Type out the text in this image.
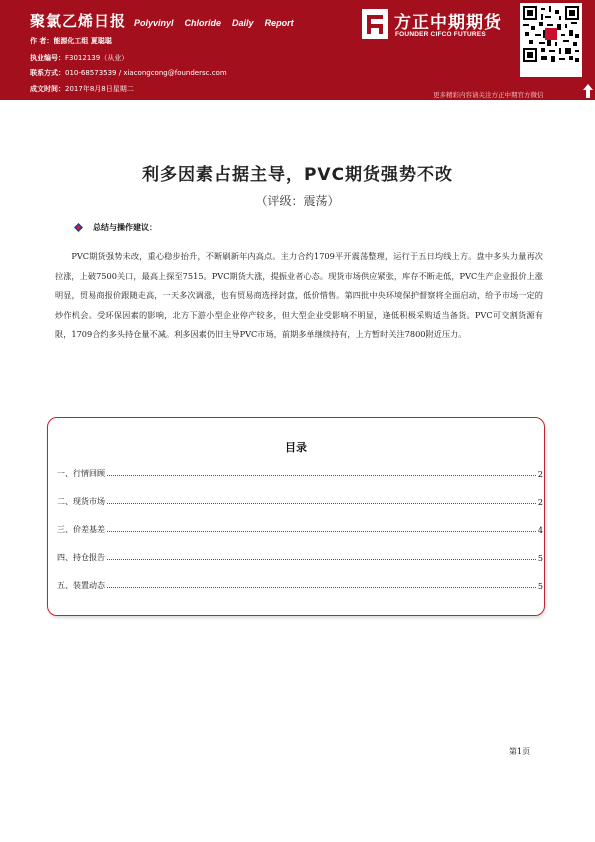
聚氯乙烯日报 Polyvinyl Chloride Daily Report
作 者：能源化工组 夏聪聪
执业编号：F3012139（从业）
联系方式：010-68573539 / xiacongcong@foundersc.com
成文时间：2017年8月8日星期二
方正中期期货
FOUNDER CIFCO FUTURES
更多精彩内容请关注方正中期官方微信
利多因素占据主导，PVC期货强势不改
（评级：震荡）
总结与操作建议：
PVC期货强势未改，重心稳步抬升，不断刷新年内高点。主力合约1709平开震荡整理，运行于五日均线上方。盘中多头力量再次拉涨，上破7500关口，最高上探至7515。PVC期货大涨，提振业者心态。现货市场供应紧张，库存不断走低，PVC生产企业报价上涨明显，贸易商报价跟随走高，一天多次调涨，也有贸易商选择封盘，低价惜售。第四批中央环境保护督察将全面启动，给予市场一定的炒作机会。受环保因素的影响，北方下游小型企业停产较多，但大型企业受影响不明显，逢低积极采购适当备货。PVC可交割货源有限，1709合约多头持仓量不减。利多因素仍旧主导PVC市场，前期多单继续持有，上方暂时关注7800附近压力。
目录
一、行情回顾	2
二、现货市场	2
三、价差基差	4
四、持仓报告	5
五、装置动态	5
第1页
